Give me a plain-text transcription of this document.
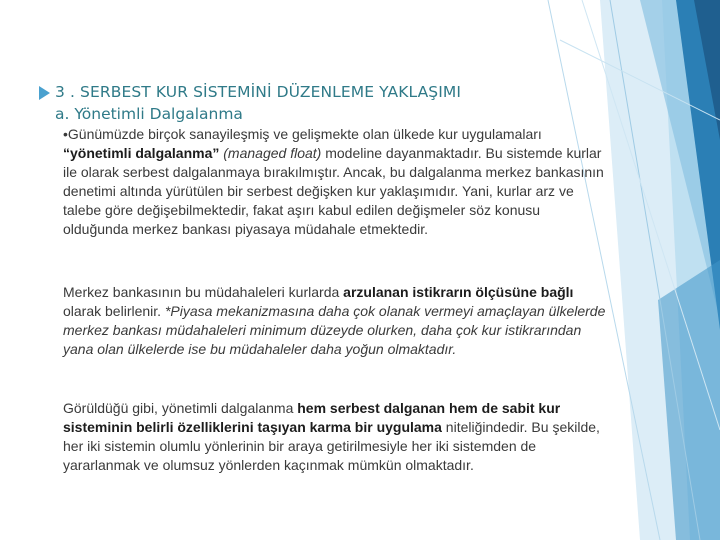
3 . SERBEST KUR SİSTEMİNİ DÜZENLEME YAKLAŞIMI
a. Yönetimli Dalgalanma
•Günümüzde birçok sanayileşmiş ve gelişmekte olan ülkede kur uygulamaları “yönetimli dalgalanma” (managed float) modeline dayanmaktadır. Bu sistemde kurlar ile olarak serbest dalgalanmaya bırakılmıştır. Ancak, bu dalgalanma merkez bankasının denetimi altında yürütülen bir serbest değişken kur yaklaşımıdır. Yani, kurlar arz ve talebe göre değişebilmektedir, fakat aşırı kabul edilen değişmeler söz konusu olduğunda merkez bankası piyasaya müdahale etmektedir.
Merkez bankasının bu müdahaleleri kurlarda arzulanan istikrarın ölçüsüne bağlı olarak belirlenir. *Piyasa mekanizmasına daha çok olanak vermeyi amaçlayan ülkelerde merkez bankası müdahaleleri minimum düzeyde olurken, daha çok kur istikrarından yana olan ülkelerde ise bu müdahaleler daha yoğun olmaktadır.
Görüldüğü gibi, yönetimli dalgalanma hem serbest dalganan hem de sabit kur sisteminin belirli özelliklerini taşıyan karma bir uygulama niteliğindedir. Bu şekilde, her iki sistemin olumlu yönlerinin bir araya getirilmesiyle her iki sistemden de yararlanmak ve olumsuz yönlerden kaçınmak mümkün olmaktadır.
